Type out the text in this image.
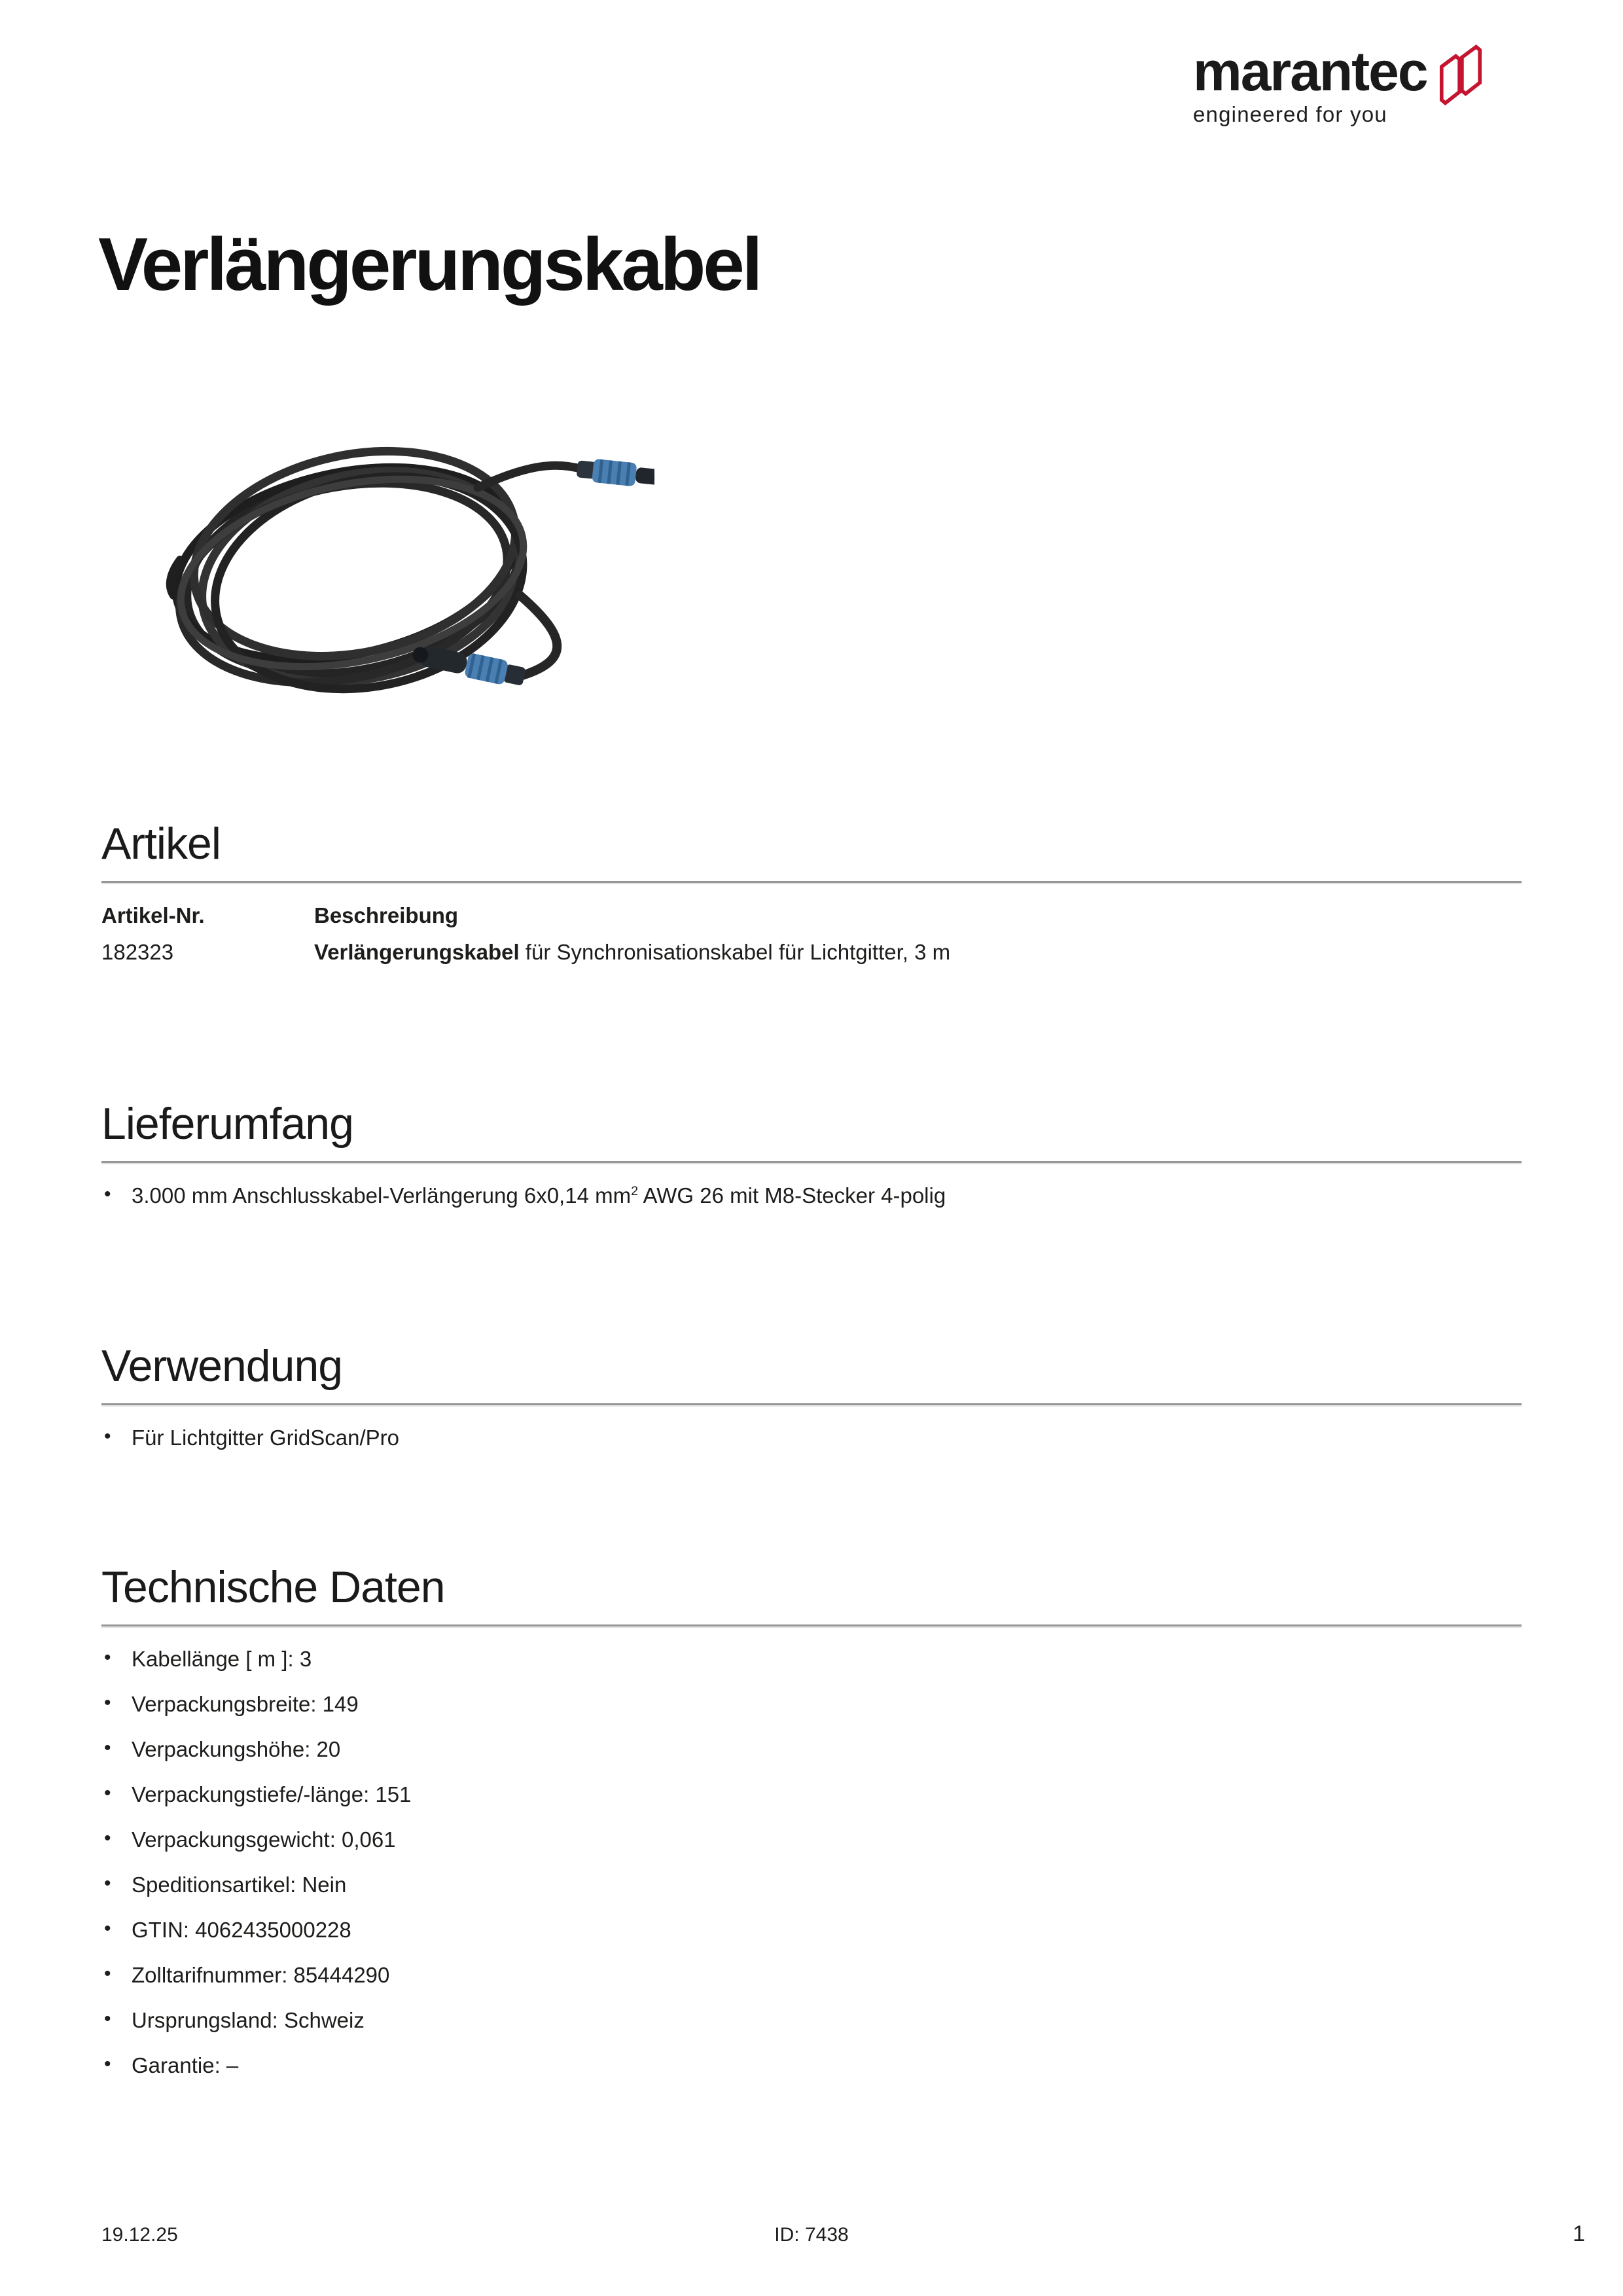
marantec
engineered for you
Verlängerungskabel
Artikel
Artikel-Nr.	Beschreibung
182323	Verlängerungskabel für Synchronisationskabel für Lichtgitter, 3 m
Lieferumfang
• 3.000 mm Anschlusskabel-Verlängerung 6x0,14 $mm^2$ AWG 26 mit M8-Stecker 4-polig
Verwendung
• Für Lichtgitter GridScan/Pro
Technische Daten
• Kabellänge [ m ]: 3
• Verpackungsbreite: 149
• Verpackungshöhe: 20
• Verpackungstiefe/-länge: 151
• Verpackungsgewicht: 0,061
• Speditionsartikel: Nein
• GTIN: 4062435000228
• Zolltarifnummer: 85444290
• Ursprungsland: Schweiz
• Garantie: –
19.12.25	ID: 7438	1
